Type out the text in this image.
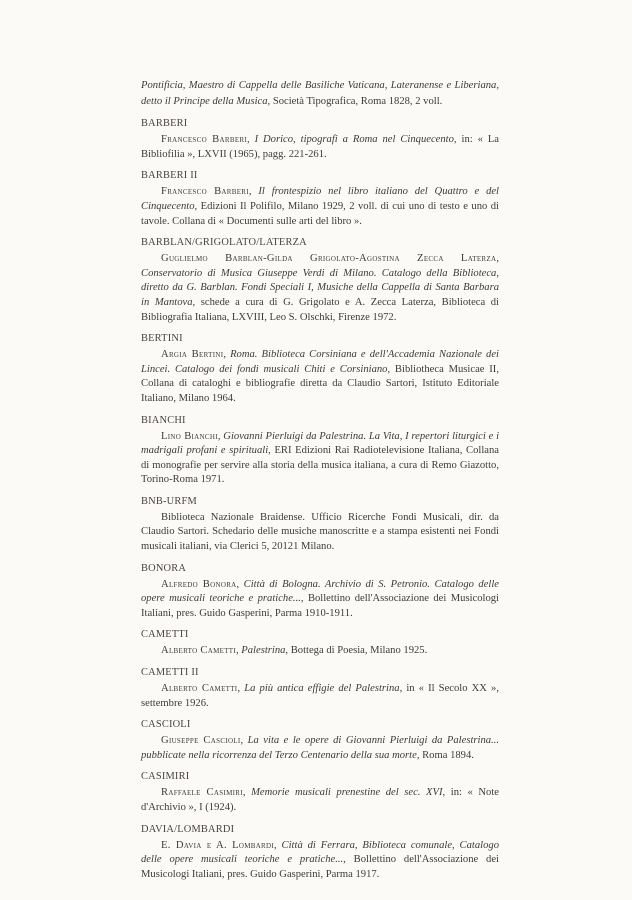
Pontificia, Maestro di Cappella delle Basiliche Vaticana, Lateranense e Liberiana, detto il Principe della Musica, Società Tipografica, Roma 1828, 2 voll.

BARBERI

Francesco Barberi, I Dorico, tipografi a Roma nel Cinquecento, in: « La Bibliofilia », LXVII (1965), pagg. 221-261.

BARBERI II

Francesco Barberi, Il frontespizio nel libro italiano del Quattro e del Cinquecento, Edizioni Il Polifilo, Milano 1929, 2 voll. di cui uno di testo e uno di tavole. Collana di « Documenti sulle arti del libro ».

BARBLAN/GRIGOLATO/LATERZA

Guglielmo Barblan-Gilda Grigolato-Agostina Zecca Laterza, Conservatorio di Musica Giuseppe Verdi di Milano. Catalogo della Biblioteca, diretto da G. Barblan. Fondi Speciali I, Musiche della Cappella di Santa Barbara in Mantova, schede a cura di G. Grigolato e A. Zecca Laterza, Biblioteca di Bibliografia Italiana, LXVIII, Leo S. Olschki, Firenze 1972.

BERTINI

Argia Bertini, Roma. Biblioteca Corsiniana e dell'Accademia Nazionale dei Lincei. Catalogo dei fondi musicali Chiti e Corsiniano, Bibliotheca Musicae II, Collana di cataloghi e bibliografie diretta da Claudio Sartori, Istituto Editoriale Italiano, Milano 1964.

BIANCHI

Lino Bianchi, Giovanni Pierluigi da Palestrina. La Vita, I repertori liturgici e i madrigali profani e spirituali, ERI Edizioni Rai Radiotelevisione Italiana, Collana di monografie per servire alla storia della musica italiana, a cura di Remo Giazotto, Torino-Roma 1971.

BNB-URFM

Biblioteca Nazionale Braidense. Ufficio Ricerche Fondi Musicali, dir. da Claudio Sartori. Schedario delle musiche manoscritte e a stampa esistenti nei Fondi musicali italiani, via Clerici 5, 20121 Milano.

BONORA

Alfredo Bonora, Città di Bologna. Archivio di S. Petronio. Catalogo delle opere musicali teoriche e pratiche..., Bollettino dell'Associazione dei Musicologi Italiani, pres. Guido Gasperini, Parma 1910-1911.

CAMETTI

Alberto Cametti, Palestrina, Bottega di Poesia, Milano 1925.

CAMETTI II

Alberto Cametti, La più antica effigie del Palestrina, in « Il Secolo XX », settembre 1926.

CASCIOLI

Giuseppe Cascioli, La vita e le opere di Giovanni Pierluigi da Palestrina... pubblicate nella ricorrenza del Terzo Centenario della sua morte, Roma 1894.

CASIMIRI

Raffaele Casimiri, Memorie musicali prenestine del sec. XVI, in: « Note d'Archivio », I (1924).

DAVIA/LOMBARDI

E. Davia e A. Lombardi, Città di Ferrara, Biblioteca comunale, Catalogo delle opere musicali teoriche e pratiche..., Bollettino dell'Associazione dei Musicologi Italiani, pres. Guido Gasperini, Parma 1917.
